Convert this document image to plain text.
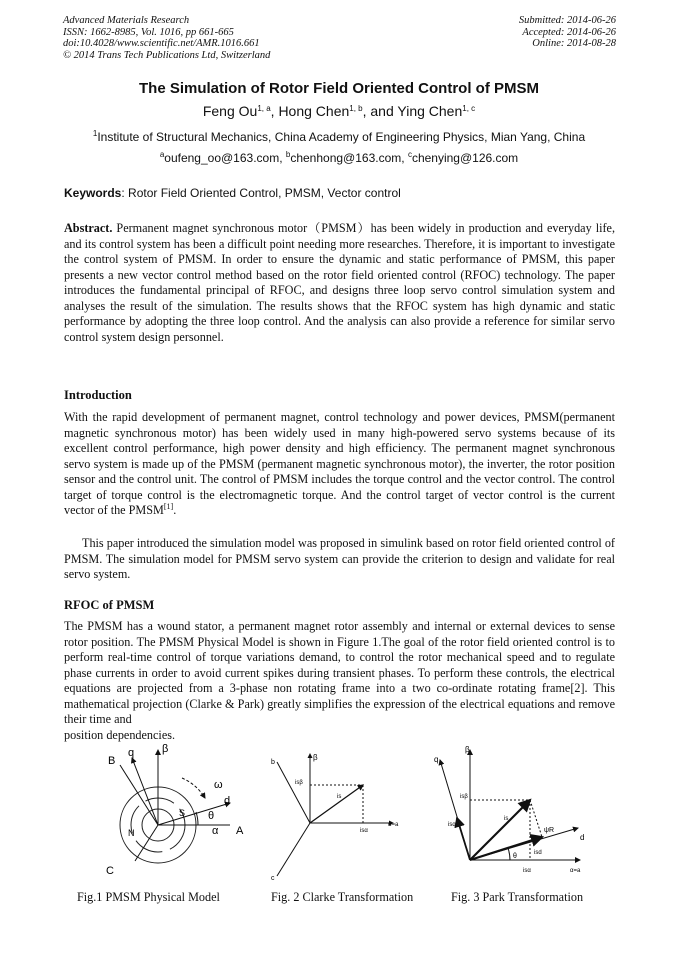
Advanced Materials Research
ISSN: 1662-8985, Vol. 1016, pp 661-665
doi:10.4028/www.scientific.net/AMR.1016.661
© 2014 Trans Tech Publications Ltd, Switzerland
Submitted: 2014-06-26
Accepted: 2014-06-26
Online: 2014-08-28
The Simulation of Rotor Field Oriented Control of PMSM
Feng Ou$^{1, a}$, Hong Chen$^{1, b}$, and Ying Chen$^{1, c}$
$^1$Institute of Structural Mechanics, China Academy of Engineering Physics, Mian Yang, China
$^a$oufeng_oo@163.com, $^b$chenhong@163.com, $^c$chenying@126.com
Keywords: Rotor Field Oriented Control, PMSM, Vector control
Abstract. Permanent magnet synchronous motor（PMSM）has been widely in production and everyday life, and its control system has been a difficult point needing more researches. Therefore, it is important to investigate the control system of PMSM. In order to ensure the dynamic and static performance of PMSM, this paper presents a new vector control method based on the rotor field oriented control (RFOC) technology. The paper introduces the fundamental principal of RFOC, and designs three loop servo control simulation system and analyses the result of the simulation. The results shows that the RFOC system has high dynamic and static performance by adopting the three loop control. And the analysis can also provide a reference for similar servo control system design personnel.
Introduction
With the rapid development of permanent magnet, control technology and power devices, PMSM(permanent magnetic synchronous motor) has been widely used in many high-powered servo systems because of its excellent control performance, high power density and high efficiency. The permanent magnet synchronous servo system is made up of the PMSM (permanent magnetic synchronous motor), the inverter, the rotor position sensor and the control unit. The control of PMSM includes the torque control and the vector control. The control target of torque control is the electromagnetic torque. And the control target of vector control is the current vector of the PMSM[1].
This paper introduced the simulation model was proposed in simulink based on rotor field oriented control of PMSM. The simulation model for PMSM servo system can provide the criterion to design and validate for real servo system.
RFOC of PMSM
The PMSM has a wound stator, a permanent magnet rotor assembly and internal or external devices to sense rotor position. The PMSM Physical Model is shown in Figure 1.The goal of the rotor field oriented control is to perform real-time control of torque variations demand, to control the rotor mechanical speed and to regulate phase currents in order to avoid current spikes during transient phases. To perform these controls, the electrical equations are projected from a 3-phase non rotating frame into a two co-ordinate rotating frame[2]. This mathematical projection (Clarke & Park) greatly simplifies the expression of the electrical equations and remove their time and
position dependencies.
β
B
q
ω
d
S θ
N	α A
C
b
β
isβ
is
isα
α=a
c
β
q
isβ
isq
is
ψR
d
isd
θ
α=a
isα
Fig.1 PMSM Physical Model	Fig. 2 Clarke Transformation	Fig. 3 Park Transformation
